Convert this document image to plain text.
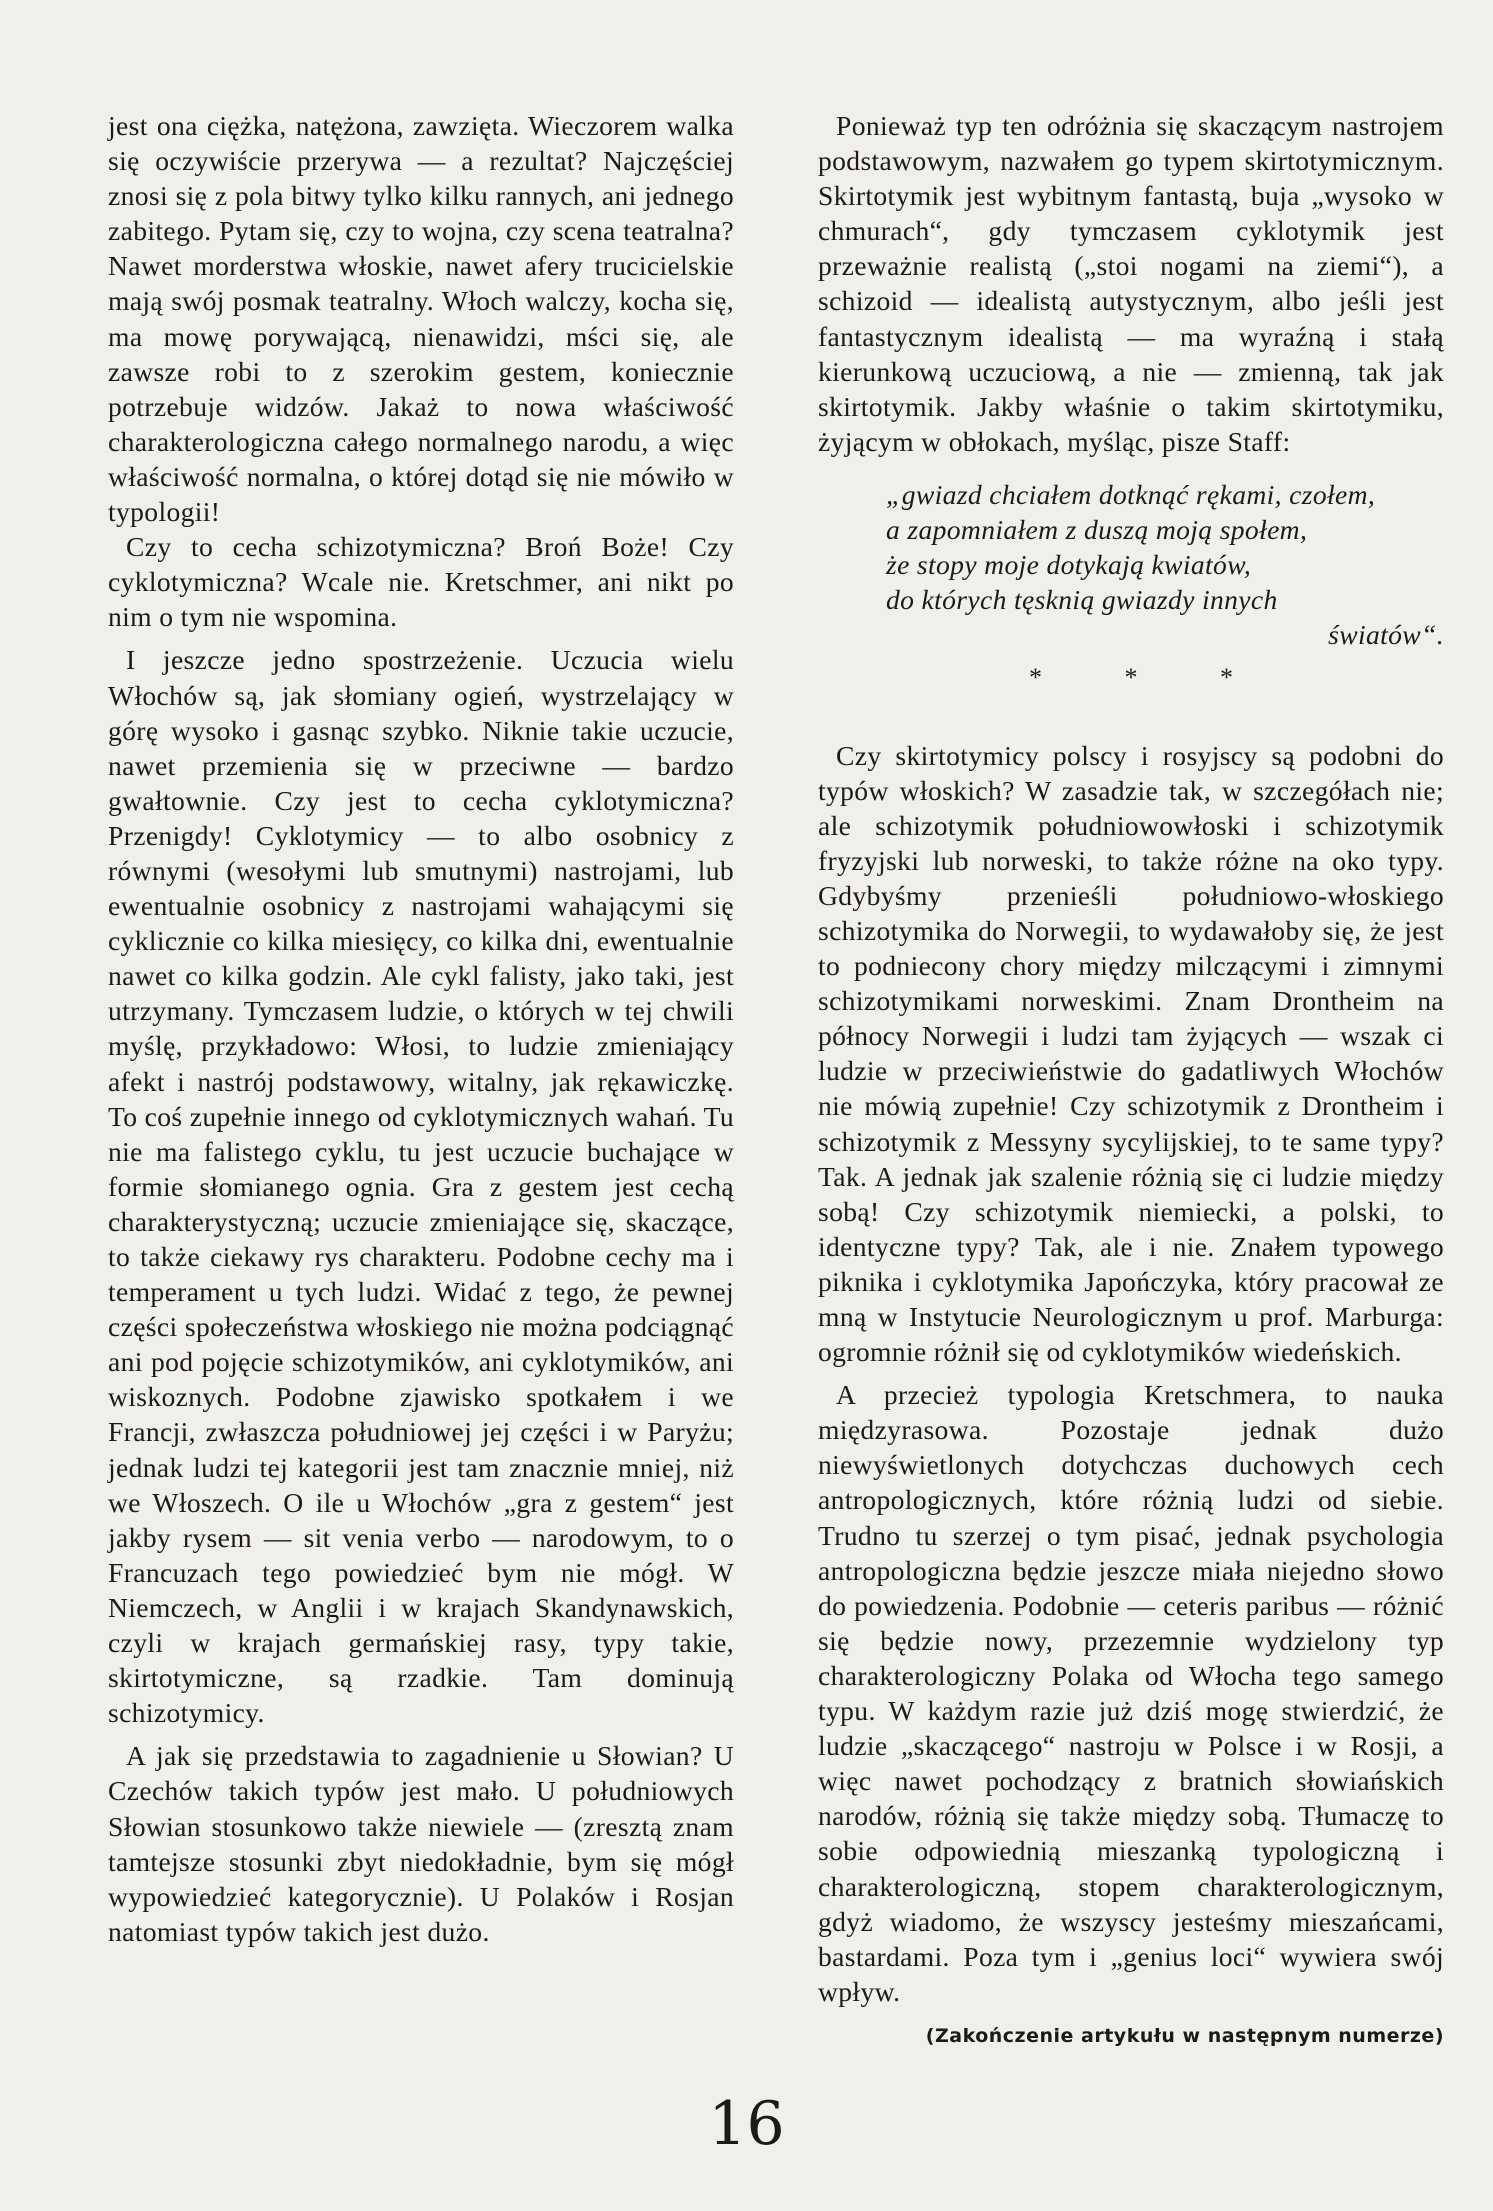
jest ona ciężka, natężona, zawzięta. Wieczorem walka się oczywiście przerywa — a rezultat? Najczęściej znosi się z pola bitwy tylko kilku rannych, ani jednego zabitego. Pytam się, czy to wojna, czy scena teatralna? Nawet morderstwa włoskie, nawet afery trucicielskie mają swój posmak teatralny. Włoch walczy, kocha się, ma mowę porywającą, nienawidzi, mści się, ale zawsze robi to z szerokim gestem, koniecznie potrzebuje widzów. Jakaż to nowa właściwość charakterologiczna całego normalnego narodu, a więc właściwość normalna, o której dotąd się nie mówiło w typologii!

Czy to cecha schizotymiczna? Broń Boże! Czy cyklotymiczna? Wcale nie. Kretschmer, ani nikt po nim o tym nie wspomina.

I jeszcze jedno spostrzeżenie. Uczucia wielu Włochów są, jak słomiany ogień, wystrzelający w górę wysoko i gasnąc szybko. Niknie takie uczucie, nawet przemienia się w przeciwne — bardzo gwałtownie. Czy jest to cecha cyklotymiczna? Przenigdy! Cyklotymicy — to albo osobnicy z równymi (wesołymi lub smutnymi) nastrojami, lub ewentualnie osobnicy z nastrojami wahającymi się cyklicznie co kilka miesięcy, co kilka dni, ewentualnie nawet co kilka godzin. Ale cykl falisty, jako taki, jest utrzymany. Tymczasem ludzie, o których w tej chwili myślę, przykładowo: Włosi, to ludzie zmieniający afekt i nastrój podstawowy, witalny, jak rękawiczkę. To coś zupełnie innego od cyklotymicznych wahań. Tu nie ma falistego cyklu, tu jest uczucie buchające w formie słomianego ognia. Gra z gestem jest cechą charakterystyczną; uczucie zmieniające się, skaczące, to także ciekawy rys charakteru. Podobne cechy ma i temperament u tych ludzi. Widać z tego, że pewnej części społeczeństwa włoskiego nie można podciągnąć ani pod pojęcie schizotymików, ani cyklotymików, ani wiskoznych. Podobne zjawisko spotkałem i we Francji, zwłaszcza południowej jej części i w Paryżu; jednak ludzi tej kategorii jest tam znacznie mniej, niż we Włoszech. O ile u Włochów „gra z gestem“ jest jakby rysem — sit venia verbo — narodowym, to o Francuzach tego powiedzieć bym nie mógł. W Niemczech, w Anglii i w krajach Skandynawskich, czyli w krajach germańskiej rasy, typy takie, skirtotymiczne, są rzadkie. Tam dominują schizotymicy.

A jak się przedstawia to zagadnienie u Słowian? U Czechów takich typów jest mało. U południowych Słowian stosunkowo także niewiele — (zresztą znam tamtejsze stosunki zbyt niedokładnie, bym się mógł wypowiedzieć kategorycznie). U Polaków i Rosjan natomiast typów takich jest dużo.

Ponieważ typ ten odróżnia się skaczącym nastrojem podstawowym, nazwałem go typem skirtotymicznym. Skirtotymik jest wybitnym fantastą, buja „wysoko w chmurach“, gdy tymczasem cyklotymik jest przeważnie realistą („stoi nogami na ziemi“), a schizoid — idealistą autystycznym, albo jeśli jest fantastycznym idealistą — ma wyraźną i stałą kierunkową uczuciową, a nie — zmienną, tak jak skirtotymik. Jakby właśnie o takim skirtotymiku, żyjącym w obłokach, myśląc, pisze Staff:

„gwiazd chciałem dotknąć rękami, czołem,
a zapomniałem z duszą moją społem,
że stopy moje dotykają kwiatów,
do których tęsknią gwiazdy innych
światów“.
* * *

Czy skirtotymicy polscy i rosyjscy są podobni do typów włoskich? W zasadzie tak, w szczegółach nie; ale schizotymik południowowłoski i schizotymik fryzyjski lub norweski, to także różne na oko typy. Gdybyśmy przenieśli południowo-włoskiego schizotymika do Norwegii, to wydawałoby się, że jest to podniecony chory między milczącymi i zimnymi schizotymikami norweskimi. Znam Drontheim na północy Norwegii i ludzi tam żyjących — wszak ci ludzie w przeciwieństwie do gadatliwych Włochów nie mówią zupełnie! Czy schizotymik z Drontheim i schizotymik z Messyny sycylijskiej, to te same typy? Tak. A jednak jak szalenie różnią się ci ludzie między sobą! Czy schizotymik niemiecki, a polski, to identyczne typy? Tak, ale i nie. Znałem typowego piknika i cyklotymika Japończyka, który pracował ze mną w Instytucie Neurologicznym u prof. Marburga: ogromnie różnił się od cyklotymików wiedeńskich.

A przecież typologia Kretschmera, to nauka międzyrasowa. Pozostaje jednak dużo niewyświetlonych dotychczas duchowych cech antropologicznych, które różnią ludzi od siebie. Trudno tu szerzej o tym pisać, jednak psychologia antropologiczna będzie jeszcze miała niejedno słowo do powiedzenia. Podobnie — ceteris paribus — różnić się będzie nowy, przezemnie wydzielony typ charakterologiczny Polaka od Włocha tego samego typu. W każdym razie już dziś mogę stwierdzić, że ludzie „skaczącego“ nastroju w Polsce i w Rosji, a więc nawet pochodzący z bratnich słowiańskich narodów, różnią się także między sobą. Tłumaczę to sobie odpowiednią mieszanką typologiczną i charakterologiczną, stopem charakterologicznym, gdyż wiadomo, że wszyscy jesteśmy mieszańcami, bastardami. Poza tym i „genius loci“ wywiera swój wpływ.

(Zakończenie artykułu w następnym numerze)
16
